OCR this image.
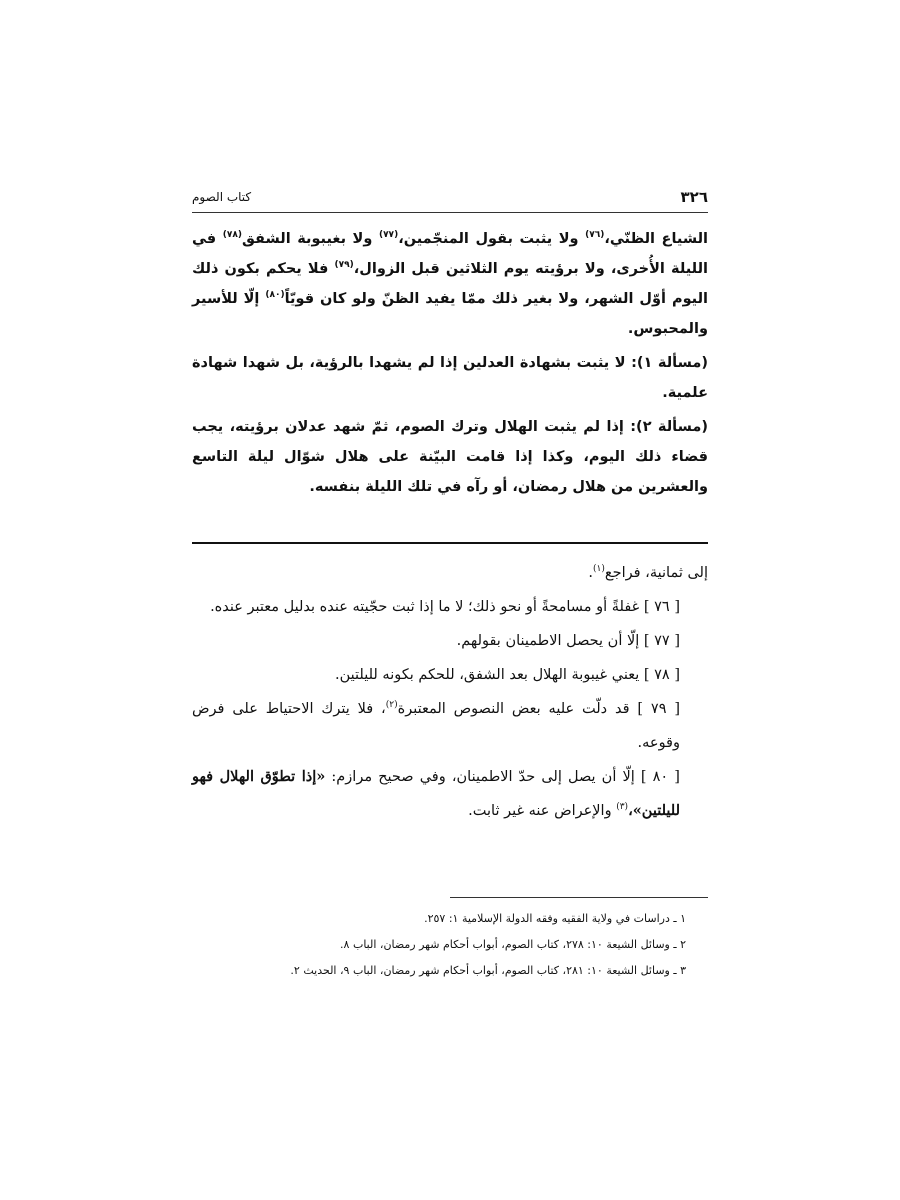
٣٢٦
كتاب الصوم

الشياع الظنّي،$^{(٧٦)}$ ولا يثبت بقول المنجّمين،$^{(٧٧)}$ ولا بغيبوبة الشفق$^{(٧٨)}$ في الليلة الأُخرى، ولا برؤيته يوم الثلاثين قبل الزوال،$^{(٧٩)}$ فلا يحكم بكون ذلك اليوم أوّل الشهر، ولا بغير ذلك ممّا يفيد الظنّ ولو كان قويّاً$^{(٨٠)}$ إلّا للأسير والمحبوس.

(مسألة ١): لا يثبت بشهادة العدلين إذا لم يشهدا بالرؤية، بل شهدا شهادة علمية.

(مسألة ٢): إذا لم يثبت الهلال وترك الصوم، ثمّ شهد عدلان برؤيته، يجب قضاء ذلك اليوم، وكذا إذا قامت البيّنة على هلال شوّال ليلة التاسع والعشرين من هلال رمضان، أو رآه في تلك الليلة بنفسه.

إلى ثمانية، فراجع$^{(١)}$.

[ ٧٦ ] غفلةً أو مسامحةً أو نحو ذلك؛ لا ما إذا ثبت حجّيته عنده بدليل معتبر عنده.

[ ٧٧ ] إلّا أن يحصل الاطمينان بقولهم.

[ ٧٨ ] يعني غيبوبة الهلال بعد الشفق، للحكم بكونه لليلتين.

[ ٧٩ ] قد دلّت عليه بعض النصوص المعتبرة$^{(٢)}$، فلا يترك الاحتياط على فرض وقوعه.

[ ٨٠ ] إلّا أن يصل إلى حدّ الاطمينان، وفي صحيح مرازم: «إذا تطوّق الهلال فهو لليلتين»،$^{(٣)}$ والإعراض عنه غير ثابت.

١ ـ دراسات في ولاية الفقيه وفقه الدولة الإسلامية ١: ٢٥٧.

٢ ـ وسائل الشيعة ١٠: ٢٧٨، كتاب الصوم، أبواب أحكام شهر رمضان، الباب ٨.

٣ ـ وسائل الشيعة ١٠: ٢٨١، كتاب الصوم، أبواب أحكام شهر رمضان، الباب ٩، الحديث ٢.
